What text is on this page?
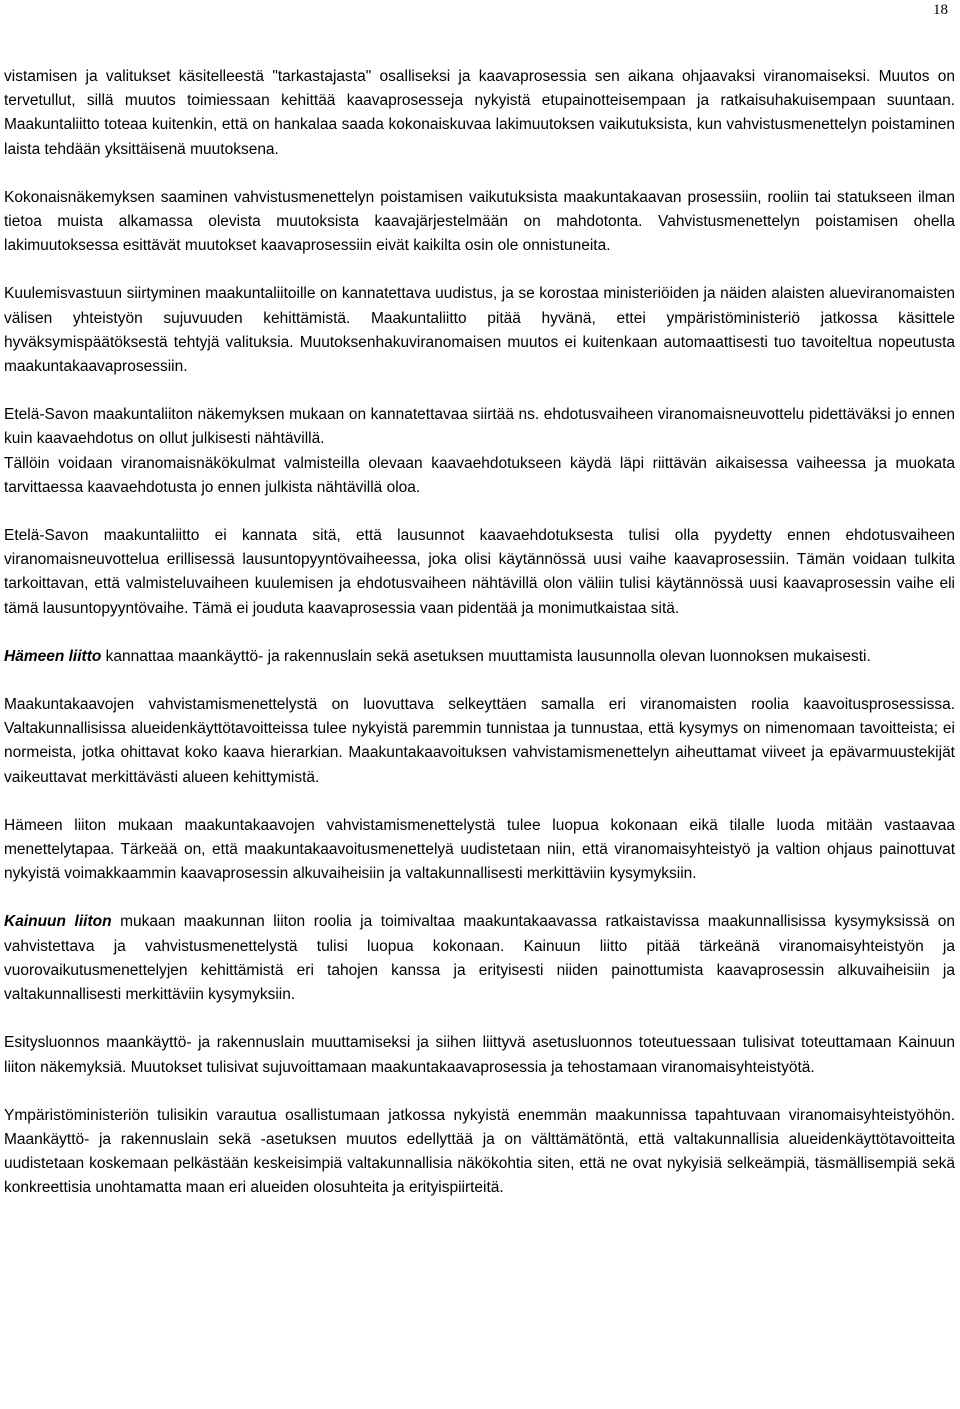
18

vistamisen ja valitukset käsitelleestä "tarkastajasta" osalliseksi ja kaavaprosessia sen aikana ohjaavaksi viranomaiseksi. Muutos on tervetullut, sillä muutos toimiessaan kehittää kaavaprosesseja nykyistä etupainotteisempaan ja ratkaisuhakuisempaan suuntaan. Maakuntaliitto toteaa kuitenkin, että on hankalaa saada kokonaiskuvaa lakimuutoksen vaikutuksista, kun vahvistusmenettelyn poistaminen laista tehdään yksittäisenä muutoksena.

Kokonaisnäkemyksen saaminen vahvistusmenettelyn poistamisen vaikutuksista maakuntakaavan prosessiin, rooliin tai statukseen ilman tietoa muista alkamassa olevista muutoksista kaavajärjestelmään on mahdotonta. Vahvistusmenettelyn poistamisen ohella lakimuutoksessa esittävät muutokset kaavaprosessiin eivät kaikilta osin ole onnistuneita.

Kuulemisvastuun siirtyminen maakuntaliitoille on kannatettava uudistus, ja se korostaa ministeriöiden ja näiden alaisten alueviranomaisten välisen yhteistyön sujuvuuden kehittämistä. Maakuntaliitto pitää hyvänä, ettei ympäristöministeriö jatkossa käsittele hyväksymispäätöksestä tehtyjä valituksia. Muutoksenhakuviranomaisen muutos ei kuitenkaan automaattisesti tuo tavoiteltua nopeutusta maakuntakaavaprosessiin.

Etelä-Savon maakuntaliiton näkemyksen mukaan on kannatettavaa siirtää ns. ehdotusvaiheen viranomaisneuvottelu pidettäväksi jo ennen kuin kaavaehdotus on ollut julkisesti nähtävillä.

Tällöin voidaan viranomaisnäkökulmat valmisteilla olevaan kaavaehdotukseen käydä läpi riittävän aikaisessa vaiheessa ja muokata tarvittaessa kaavaehdotusta jo ennen julkista nähtävillä oloa.

Etelä-Savon maakuntaliitto ei kannata sitä, että lausunnot kaavaehdotuksesta tulisi olla pyydetty ennen ehdotusvaiheen viranomaisneuvottelua erillisessä lausuntopyyntövaiheessa, joka olisi käytännössä uusi vaihe kaavaprosessiin. Tämän voidaan tulkita tarkoittavan, että valmisteluvaiheen kuulemisen ja ehdotusvaiheen nähtävillä olon väliin tulisi käytännössä uusi kaavaprosessin vaihe eli tämä lausuntopyyntövaihe. Tämä ei jouduta kaavaprosessia vaan pidentää ja monimutkaistaa sitä.

Hämeen liitto kannattaa maankäyttö- ja rakennuslain sekä asetuksen muuttamista lausunnolla olevan luonnoksen mukaisesti.

Maakuntakaavojen vahvistamismenettelystä on luovuttava selkeyttäen samalla eri viranomaisten roolia kaavoitusprosessissa. Valtakunnallisissa alueidenkäyttötavoitteissa tulee nykyistä paremmin tunnistaa ja tunnustaa, että kysymys on nimenomaan tavoitteista; ei normeista, jotka ohittavat koko kaava hierarkian. Maakuntakaavoituksen vahvistamismenettelyn aiheuttamat viiveet ja epävarmuustekijät vaikeuttavat merkittävästi alueen kehittymistä.

Hämeen liiton mukaan maakuntakaavojen vahvistamismenettelystä tulee luopua kokonaan eikä tilalle luoda mitään vastaavaa menettelytapaa. Tärkeää on, että maakuntakaavoitusmenettelyä uudistetaan niin, että viranomaisyhteistyö ja valtion ohjaus painottuvat nykyistä voimakkaammin kaavaprosessin alkuvaiheisiin ja valtakunnallisesti merkittäviin kysymyksiin.

Kainuun liiton mukaan maakunnan liiton roolia ja toimivaltaa maakuntakaavassa ratkaistavissa maakunnallisissa kysymyksissä on vahvistettava ja vahvistusmenettelystä tulisi luopua kokonaan. Kainuun liitto pitää tärkeänä viranomaisyhteistyön ja vuorovaikutusmenettelyjen kehittämistä eri tahojen kanssa ja erityisesti niiden painottumista kaavaprosessin alkuvaiheisiin ja valtakunnallisesti merkittäviin kysymyksiin.

Esitysluonnos maankäyttö- ja rakennuslain muuttamiseksi ja siihen liittyvä asetusluonnos toteutuessaan tulisivat toteuttamaan Kainuun liiton näkemyksiä. Muutokset tulisivat sujuvoittamaan maakuntakaavaprosessia ja tehostamaan viranomaisyhteistyötä.

Ympäristöministeriön tulisikin varautua osallistumaan jatkossa nykyistä enemmän maakunnissa tapahtuvaan viranomaisyhteistyöhön. Maankäyttö- ja rakennuslain sekä -asetuksen muutos edellyttää ja on välttämätöntä, että valtakunnallisia alueidenkäyttötavoitteita uudistetaan koskemaan pelkästään keskeisimpiä valtakunnallisia näkökohtia siten, että ne ovat nykyisiä selkeämpiä, täsmällisempiä sekä konkreettisia unohtamatta maan eri alueiden olosuhteita ja erityispiirteitä.
